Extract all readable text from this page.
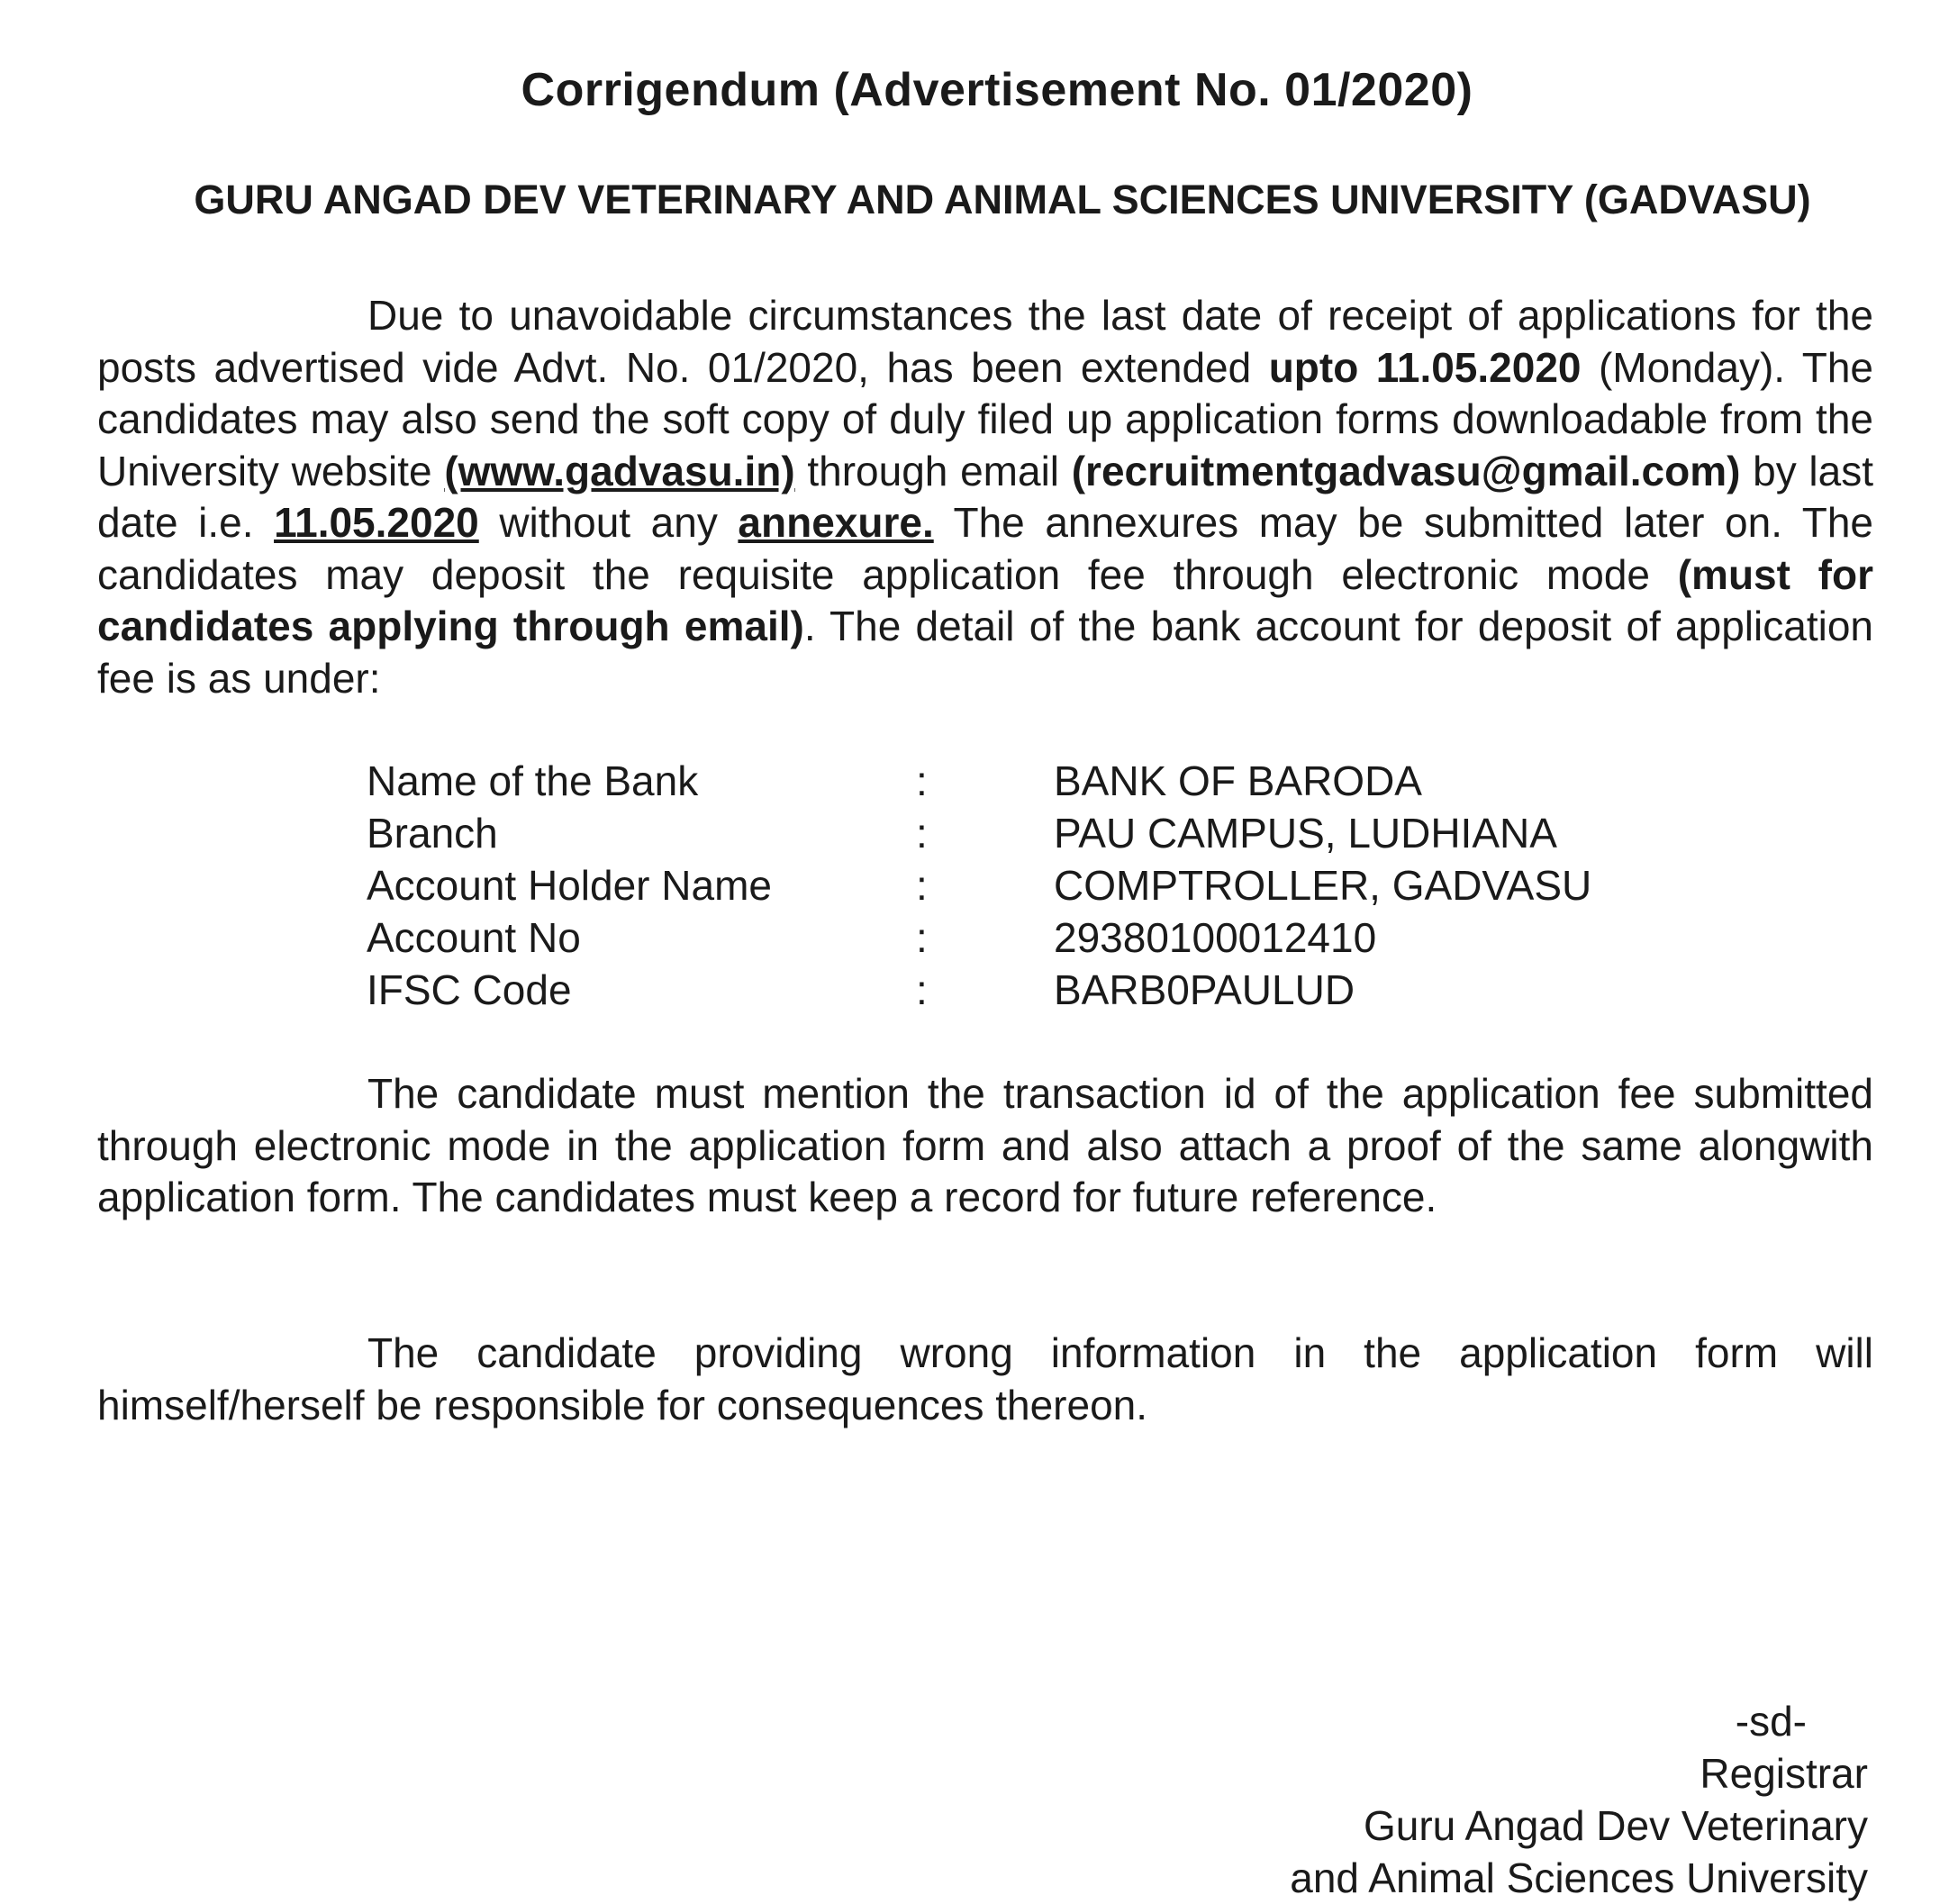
Corrigendum (Advertisement No. 01/2020)
GURU ANGAD DEV VETERINARY AND ANIMAL SCIENCES UNIVERSITY (GADVASU)

Due to unavoidable circumstances the last date of receipt of applications for the posts advertised vide Advt. No. 01/2020, has been extended upto 11.05.2020 (Monday). The candidates may also send the soft copy of duly filed up application forms downloadable from the University website (www.gadvasu.in) through email (recruitmentgadvasu@gmail.com) by last date i.e. 11.05.2020 without any annexure. The annexures may be submitted later on. The candidates may deposit the requisite application fee through electronic mode (must for candidates applying through email). The detail of the bank account for deposit of application fee is as under:

Name of the Bank	:	BANK OF BARODA
Branch	:	PAU CAMPUS, LUDHIANA
Account Holder Name	:	COMPTROLLER, GADVASU
Account No	:	29380100012410
IFSC Code	:	BARB0PAULUD

The candidate must mention the transaction id of the application fee submitted through electronic mode in the application form and also attach a proof of the same alongwith application form. The candidates must keep a record for future reference.

The candidate providing wrong information in the application form will himself/herself be responsible for consequences thereon.

-sd-
Registrar
Guru Angad Dev Veterinary
and Animal Sciences University
